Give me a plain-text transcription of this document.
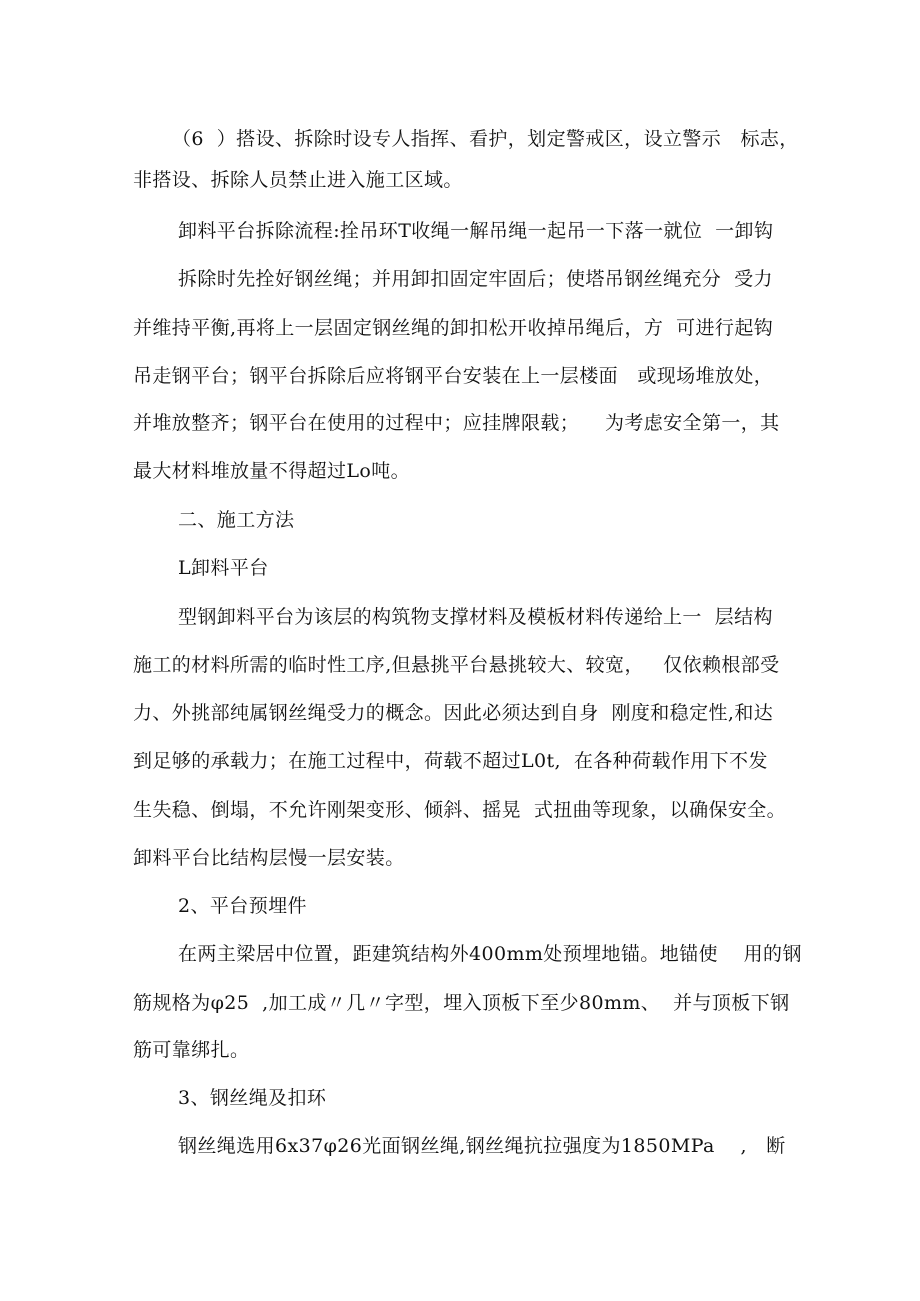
（6  ）搭设、拆除时设专人指挥、看护，划定警戒区，设立警示   标志，
非搭设、拆除人员禁止进入施工区域。
卸料平台拆除流程:拴吊环T收绳一解吊绳一起吊一下落一就位  一卸钩
拆除时先拴好钢丝绳；并用卸扣固定牢固后；使塔吊钢丝绳充分  受力
并维持平衡,再将上一层固定钢丝绳的卸扣松开收掉吊绳后，方  可进行起钩
吊走钢平台；钢平台拆除后应将钢平台安装在上一层楼面   或现场堆放处，
并堆放整齐；钢平台在使用的过程中；应挂牌限载；    为考虑安全第一，其
最大材料堆放量不得超过Lo吨。
二、施工方法
L卸料平台
型钢卸料平台为该层的构筑物支撑材料及模板材料传递给上一  层结构
施工的材料所需的临时性工序,但悬挑平台悬挑较大、较宽，   仅依赖根部受
力、外挑部纯属钢丝绳受力的概念。因此必须达到自身  刚度和稳定性,和达
到足够的承载力；在施工过程中，荷载不超过L0t,  在各种荷载作用下不发
生失稳、倒塌，不允许刚架变形、倾斜、摇晃  式扭曲等现象，以确保安全。
卸料平台比结构层慢一层安装。
2、平台预埋件
在两主梁居中位置，距建筑结构外400mm处预埋地锚。地锚使    用的钢
筋规格为φ25  ,加工成〃几〃字型，埋入顶板下至少80mm、  并与顶板下钢
筋可靠绑扎。
3、钢丝绳及扣环
钢丝绳选用6x37φ26光面钢丝绳,钢丝绳抗拉强度为1850MPa    ,   断
